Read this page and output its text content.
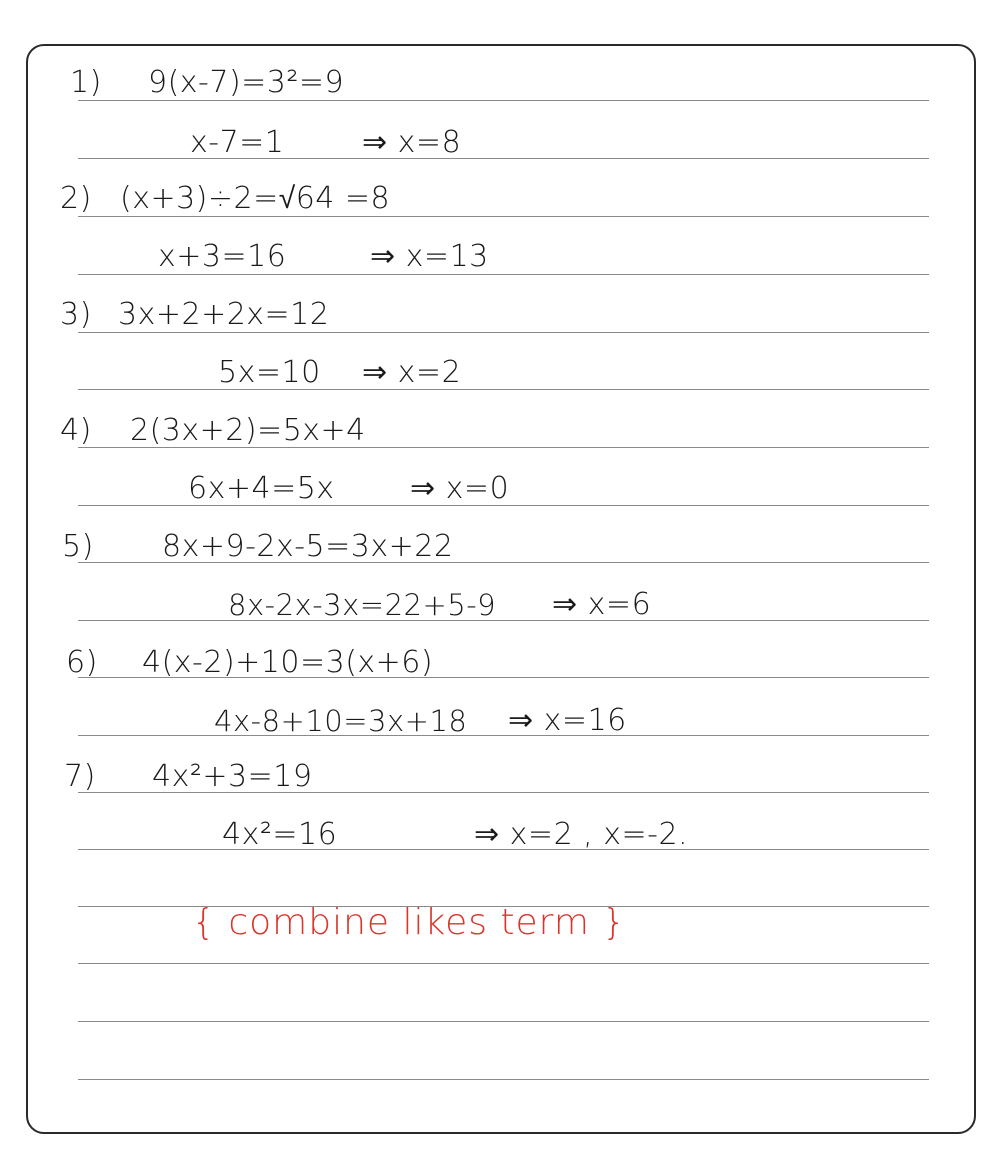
1) 9(x-7)=3²=9
x-7=1	⇒ x=8
2) (x+3)÷2=√64 =8
x+3=16	⇒ x=13
3) 3x+2+2x=12
5x=10 ⇒ x=2
4) 2(3x+2)=5x+4
6x+4=5x	⇒ x=0
5) 8x+9-2x-5=3x+22
8x-2x-3x=22+5-9 ⇒ x=6
6) 4(x-2)+10=3(x+6)
4x-8+10=3x+18 ⇒ x=16
7) 4x²+3=19
4x²=16	⇒ x=2 , x=-2.
{ combine likes term }
